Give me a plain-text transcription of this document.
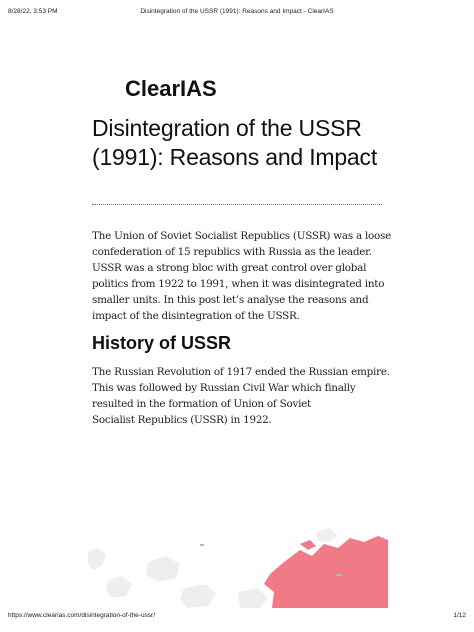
8/28/22, 3:53 PM	Disintegration of the USSR (1991): Reasons and Impact - ClearIAS
ClearIAS
Disintegration of the USSR (1991): Reasons and Impact

The Union of Soviet Socialist Republics (USSR) was a loose
confederation of 15 republics with Russia as the leader.
USSR was a strong bloc with great control over global
politics from 1922 to 1991, when it was disintegrated into
smaller units. In this post let’s analyse the reasons and
impact of the disintegration of the USSR.

History of USSR

The Russian Revolution of 1917 ended the Russian empire.
This was followed by Russian Civil War which finally
resulted in the formation of Union of Soviet
Socialist Republics (USSR) in 1922.

https://www.clearias.com/disintegration-of-the-ussr/	1/12
